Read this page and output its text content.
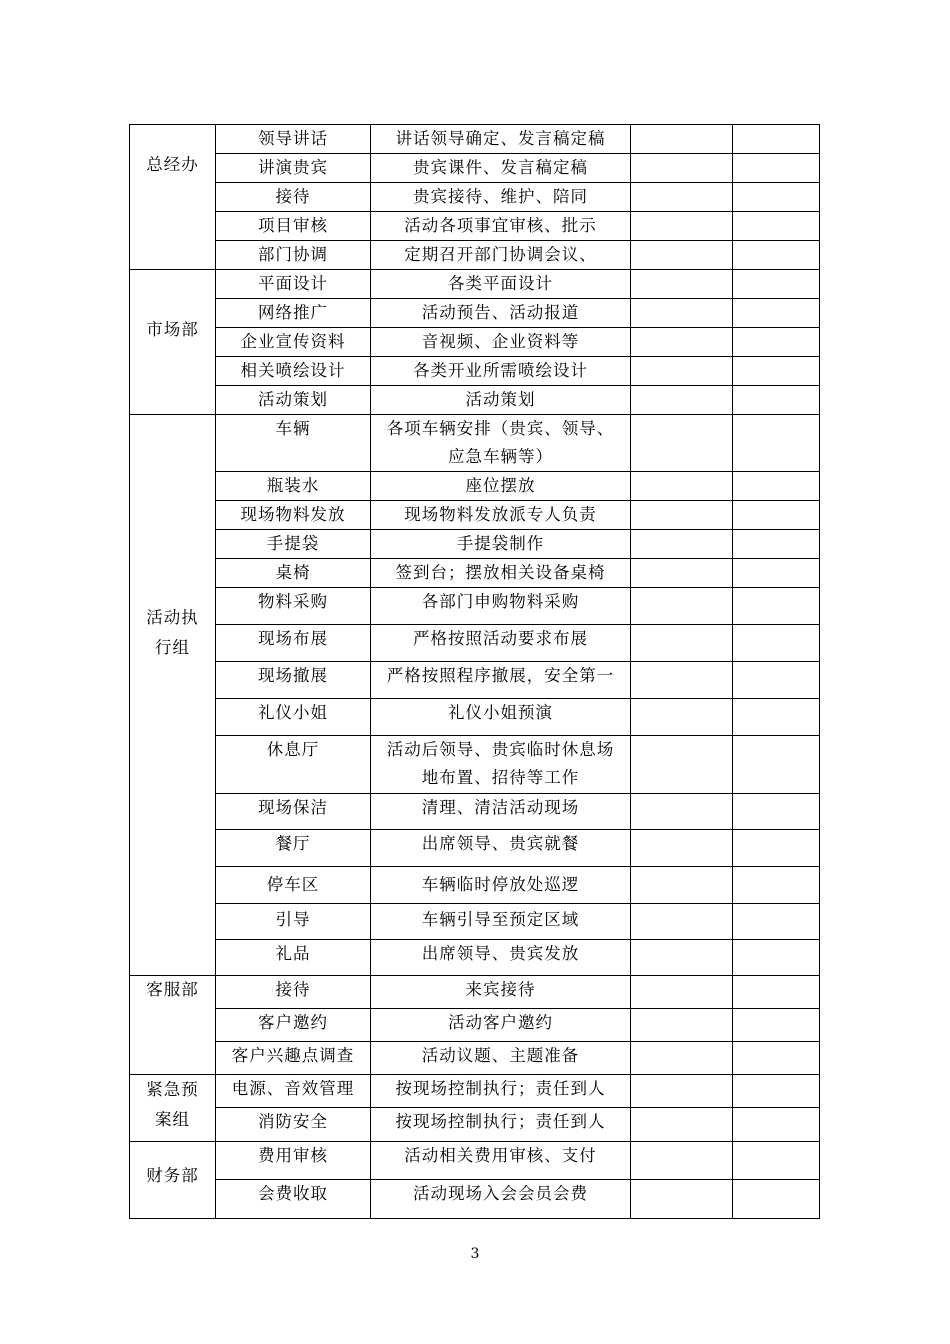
总经办	领导讲话	讲话领导确定、发言稿定稿		
	讲演贵宾	贵宾课件、发言稿定稿		
	接待	贵宾接待、维护、陪同		
	项目审核	活动各项事宜审核、批示		
	部门协调	定期召开部门协调会议、		
市场部	平面设计	各类平面设计		
	网络推广	活动预告、活动报道		
	企业宣传资料	音视频、企业资料等		
	相关喷绘设计	各类开业所需喷绘设计		
	活动策划	活动策划		
活动执行组	车辆	各项车辆安排（贵宾、领导、应急车辆等）		
	瓶装水	座位摆放		
	现场物料发放	现场物料发放派专人负责		
	手提袋	手提袋制作		
	桌椅	签到台；摆放相关设备桌椅		
	物料采购	各部门申购物料采购		
	现场布展	严格按照活动要求布展		
	现场撤展	严格按照程序撤展，安全第一		
	礼仪小姐	礼仪小姐预演		
	休息厅	活动后领导、贵宾临时休息场地布置、招待等工作		
	现场保洁	清理、清洁活动现场		
	餐厅	出席领导、贵宾就餐		
	停车区	车辆临时停放处巡逻		
	引导	车辆引导至预定区域		
	礼品	出席领导、贵宾发放		
客服部	接待	来宾接待		
	客户邀约	活动客户邀约		
	客户兴趣点调查	活动议题、主题准备		
紧急预案组	电源、音效管理	按现场控制执行；责任到人		
	消防安全	按现场控制执行；责任到人		
财务部	费用审核	活动相关费用审核、支付		
	会费收取	活动现场入会会员会费		
3
